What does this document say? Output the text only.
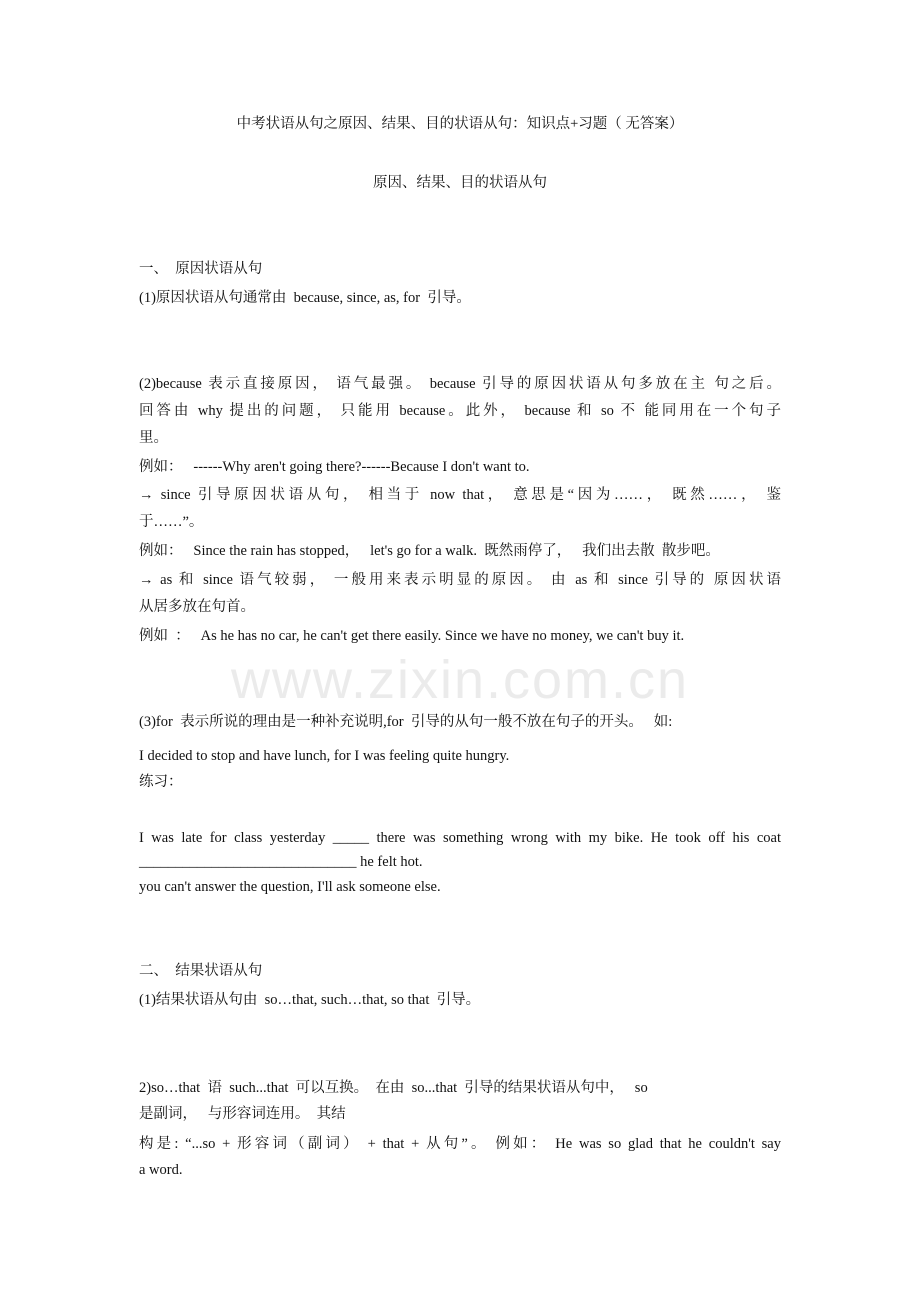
www.zixin.com.cn
中考状语从句之原因、结果、目的状语从句：知识点+习题（ 无答案）
原因、结果、目的状语从句
一、  原因状语从句
(1)原因状语从句通常由  because, since, as, for  引导。
(2)because 表示直接原因， 语气最强。 because 引导的原因状语从句多放在主 句之后。
回答由 why 提出的问题， 只能用 because。此外， because 和 so 不 能同用在一个句子
里。
例如：   ------Why aren't going there?------Because I don't want to.
→ since 引导原因状语从句， 相当于 now that， 意思是“因为……， 既然……， 鉴
于……”。
例如：   Since the rain has stopped，   let's go for a walk.  既然雨停了，   我们出去散  散步吧。
→ as 和 since 语气较弱， 一般用来表示明显的原因。 由 as 和 since 引导的 原因状语
从居多放在句首。
例如  ：   As he has no car, he can't get there easily. Since we have no money, we can't buy it.
(3)for  表示所说的理由是一种补充说明,for  引导的从句一般不放在句子的开头。   如:
I decided to stop and have lunch, for I was feeling quite hungry.
练习：
I was late for class yesterday _____ there was something wrong with my bike. He took off his coat
______________________________ he felt hot.
you can't answer the question, I'll ask someone else.
二、  结果状语从句
(1)结果状语从句由  so…that, such…that, so that  引导。
2)so…that  语  such...that  可以互换。  在由  so...that  引导的结果状语从句中，   so
是副词，   与形容词连用。  其结
构是: “...so + 形容词（副词） + that + 从句”。 例如： He was so glad that he couldn't say
a word.
